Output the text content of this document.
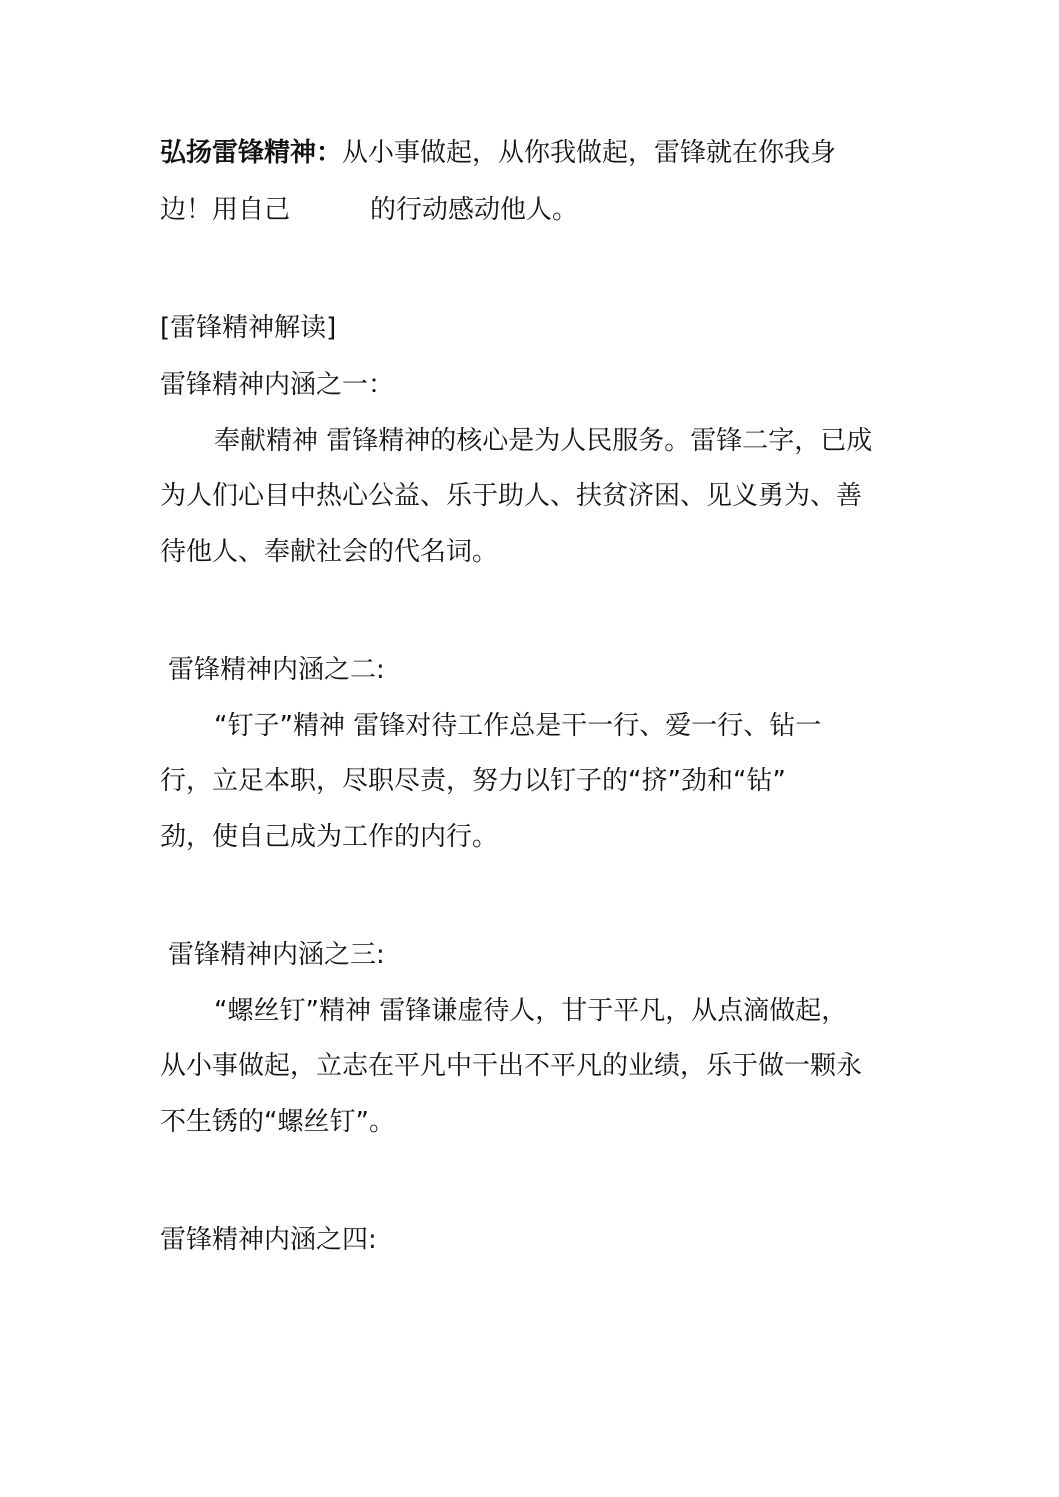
弘扬雷锋精神：从小事做起，从你我做起，雷锋就在你我身
边！用自己	的行动感动他人。
[雷锋精神解读]
雷锋精神内涵之一：
奉献精神 雷锋精神的核心是为人民服务。雷锋二字，已成
为人们心目中热心公益、乐于助人、扶贫济困、见义勇为、善
待他人、奉献社会的代名词。
雷锋精神内涵之二:
“钉子”精神 雷锋对待工作总是干一行、爱一行、钻一
行，立足本职，尽职尽责，努力以钉子的“挤”劲和“钻”
劲，使自己成为工作的内行。
雷锋精神内涵之三:
“螺丝钉”精神 雷锋谦虚待人，甘于平凡，从点滴做起，
从小事做起，立志在平凡中干出不平凡的业绩，乐于做一颗永
不生锈的“螺丝钉”。
雷锋精神内涵之四:
